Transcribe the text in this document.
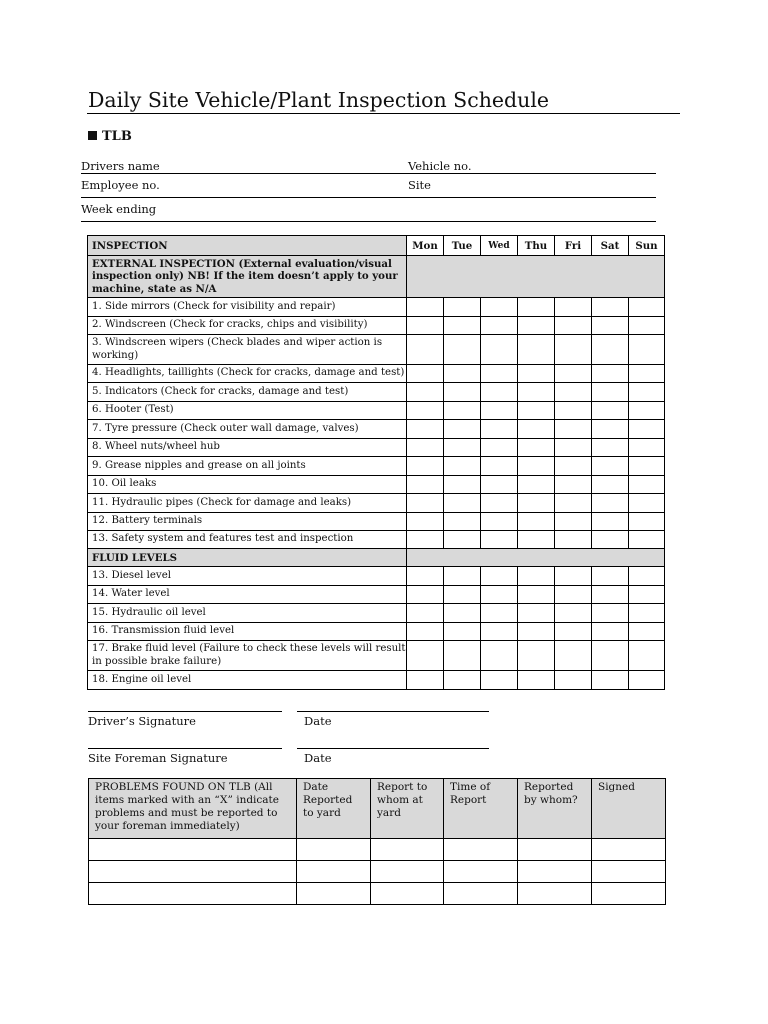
Daily Site Vehicle/Plant Inspection Schedule
TLB
Drivers name	Vehicle no.
Employee no.	Site
Week ending
INSPECTION	Mon	Tue	Wed	Thu	Fri	Sat	Sun
EXTERNAL INSPECTION (External evaluation/visual inspection only) NB! If the item doesn’t apply to your machine, state as N/A							
1. Side mirrors (Check for visibility and repair)							
2. Windscreen (Check for cracks, chips and visibility)							
3. Windscreen wipers (Check blades and wiper action is working)							
4. Headlights, taillights (Check for cracks, damage and test)							
5. Indicators (Check for cracks, damage and test)							
6. Hooter (Test)							
7. Tyre pressure (Check outer wall damage, valves)							
8. Wheel nuts/wheel hub							
9. Grease nipples and grease on all joints							
10. Oil leaks							
11. Hydraulic pipes (Check for damage and leaks)							
12. Battery terminals							
13. Safety system and features test and inspection							
FLUID LEVELS							
13. Diesel level							
14. Water level							
15. Hydraulic oil level							
16. Transmission fluid level							
17. Brake fluid level (Failure to check these levels will result in possible brake failure)							
18. Engine oil level							
Driver’s Signature	Date
Site Foreman Signature	Date
PROBLEMS FOUND ON TLB (All items marked with an “X” indicate problems and must be reported to your foreman immediately)	Date Reported to yard	Report to whom at yard	Time of Report	Reported by whom?	Signed
